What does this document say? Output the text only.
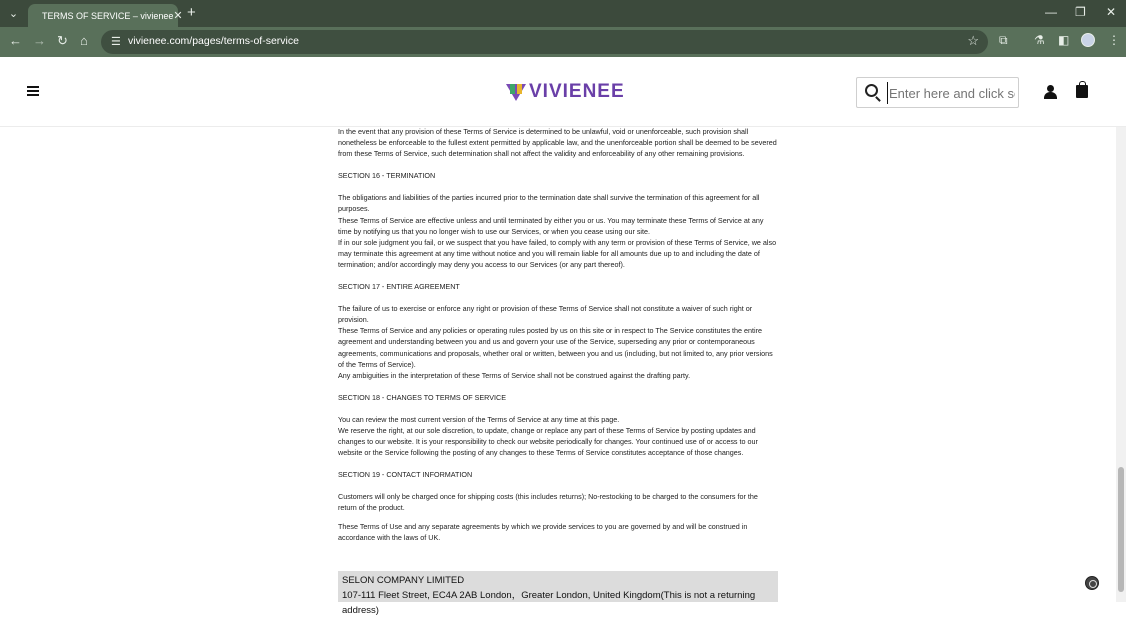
⌄	TERMS OF SERVICE – vivienee ✕ +	— ❐ ✕
← → ↻ ⌂ ☰ vivienee.com/pages/terms-of-service	☆ ⧉ ⚗ ◧	⋮
VIVIENEE
Enter here and click search

In the event that any provision of these Terms of Service is determined to be unlawful, void or unenforceable, such provision shall nonetheless be enforceable to the fullest extent permitted by applicable law, and the unenforceable portion shall be deemed to be severed from these Terms of Service, such determination shall not affect the validity and enforceability of any other remaining provisions.

SECTION 16 - TERMINATION

The obligations and liabilities of the parties incurred prior to the termination date shall survive the termination of this agreement for all purposes.

These Terms of Service are effective unless and until terminated by either you or us. You may terminate these Terms of Service at any time by notifying us that you no longer wish to use our Services, or when you cease using our site.

If in our sole judgment you fail, or we suspect that you have failed, to comply with any term or provision of these Terms of Service, we also may terminate this agreement at any time without notice and you will remain liable for all amounts due up to and including the date of termination; and/or accordingly may deny you access to our Services (or any part thereof).

SECTION 17 - ENTIRE AGREEMENT

The failure of us to exercise or enforce any right or provision of these Terms of Service shall not constitute a waiver of such right or provision.

These Terms of Service and any policies or operating rules posted by us on this site or in respect to The Service constitutes the entire agreement and understanding between you and us and govern your use of the Service, superseding any prior or contemporaneous agreements, communications and proposals, whether oral or written, between you and us (including, but not limited to, any prior versions of the Terms of Service).

Any ambiguities in the interpretation of these Terms of Service shall not be construed against the drafting party.

SECTION 18 - CHANGES TO TERMS OF SERVICE

You can review the most current version of the Terms of Service at any time at this page.

We reserve the right, at our sole discretion, to update, change or replace any part of these Terms of Service by posting updates and changes to our website. It is your responsibility to check our website periodically for changes. Your continued use of or access to our website or the Service following the posting of any changes to these Terms of Service constitutes acceptance of those changes.

SECTION 19 - CONTACT INFORMATION

Customers will only be charged once for shipping costs (this includes returns); No-restocking to be charged to the consumers for the return of the product.

These Terms of Use and any separate agreements by which we provide services to you are governed by and will be construed in accordance with the laws of UK.

SELON COMPANY LIMITED
107-111 Fleet Street, EC4A 2AB London，Greater London, United Kingdom(This is not a returning address)
